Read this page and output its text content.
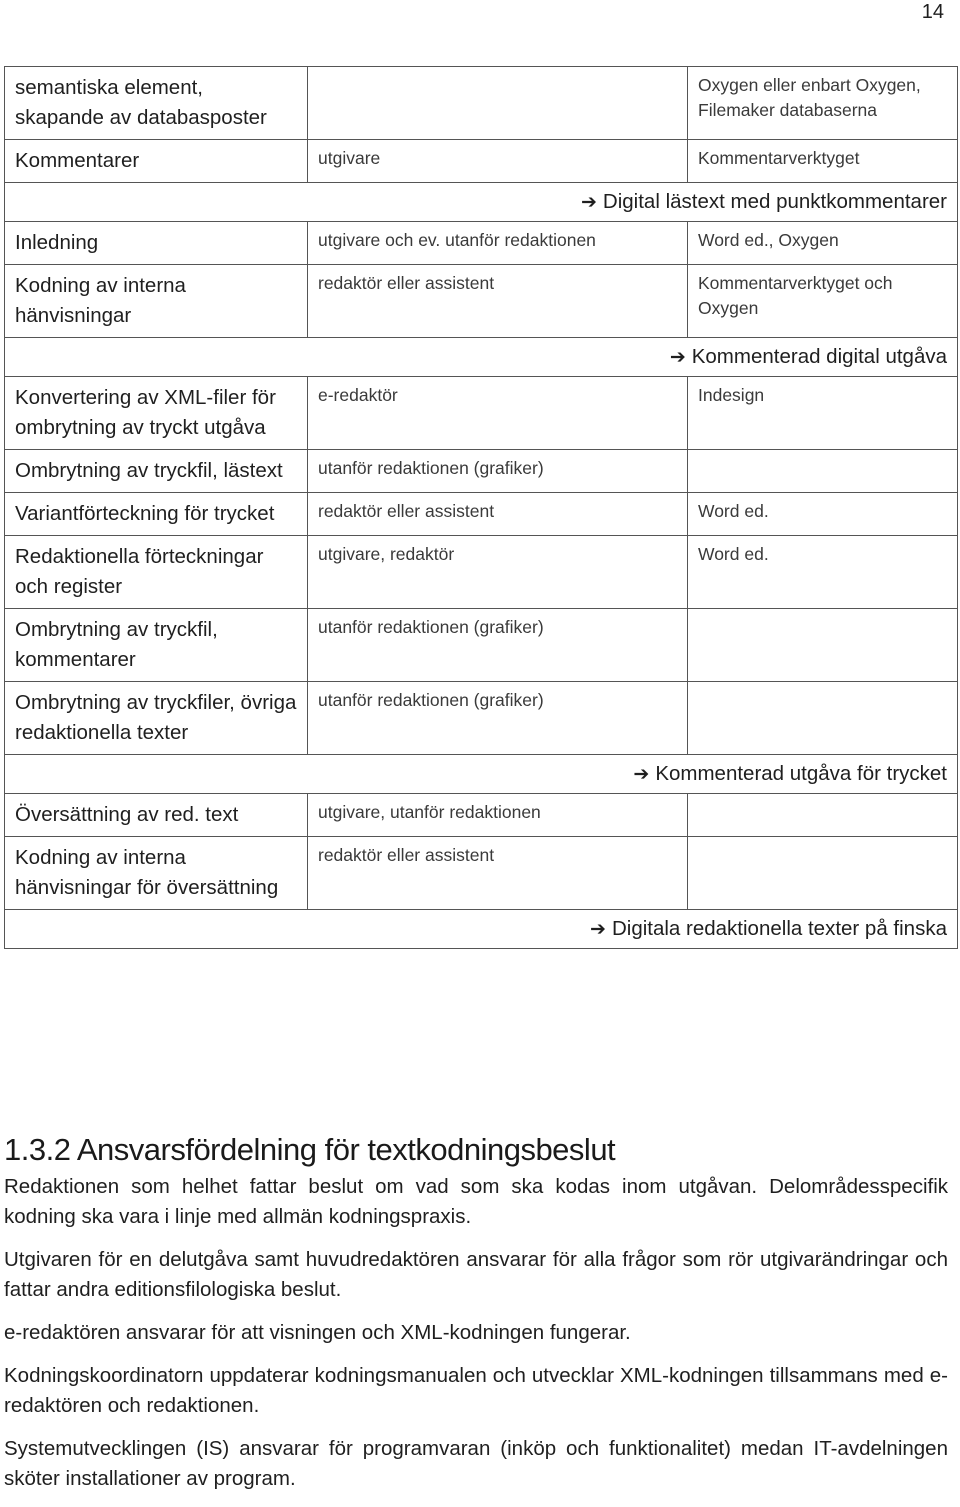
14
semantiska element, skapande av databasposter		Oxygen eller enbart Oxygen, Filemaker databaserna
Kommentarer	utgivare	Kommentarverktyget
➔ Digital lästext med punktkommentarer		
Inledning	utgivare och ev. utanför redaktionen	Word ed., Oxygen
Kodning av interna hänvisningar	redaktör eller assistent	Kommentarverktyget och Oxygen
➔ Kommenterad digital utgåva		
Konvertering av XML-filer för ombrytning av tryckt utgåva	e-redaktör	Indesign
Ombrytning av tryckfil, lästext	utanför redaktionen (grafiker)	
Variantförteckning för trycket	redaktör eller assistent	Word ed.
Redaktionella förteckningar och register	utgivare, redaktör	Word ed.
Ombrytning av tryckfil, kommentarer	utanför redaktionen (grafiker)	
Ombrytning av tryckfiler, övriga redaktionella texter	utanför redaktionen (grafiker)	
➔ Kommenterad utgåva för trycket		
Översättning av red. text	utgivare, utanför redaktionen	
Kodning av interna hänvisningar för översättning	redaktör eller assistent	
➔ Digitala redaktionella texter på finska		
1.3.2 Ansvarsfördelning för textkodningsbeslut

Redaktionen som helhet fattar beslut om vad som ska kodas inom utgåvan. Delområdesspecifik kodning ska vara i linje med allmän kodningspraxis.

Utgivaren för en delutgåva samt huvudredaktören ansvarar för alla frågor som rör utgivarändringar och fattar andra editionsfilologiska beslut.

e-redaktören ansvarar för att visningen och XML-kodningen fungerar.

Kodningskoordinatorn uppdaterar kodningsmanualen och utvecklar XML-kodningen tillsammans med e-redaktören och redaktionen.

Systemutvecklingen (IS) ansvarar för programvaran (inköp och funktionalitet) medan IT-avdelningen sköter installationer av program.
